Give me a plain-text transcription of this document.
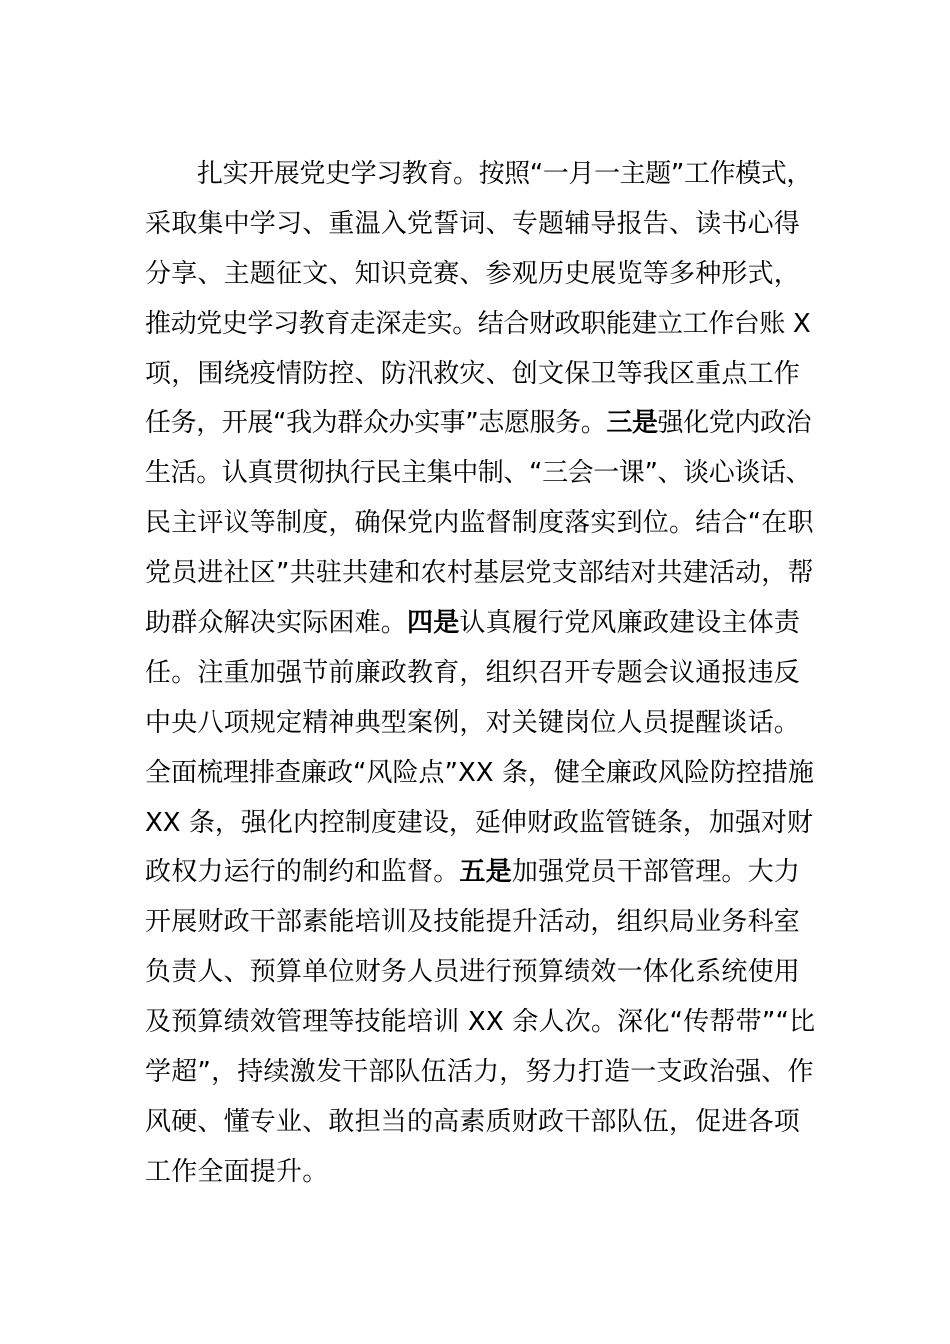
扎实开展党史学习教育。按照“一月一主题”工作模式，
采取集中学习、重温入党誓词、专题辅导报告、读书心得
分享、主题征文、知识竞赛、参观历史展览等多种形式，
推动党史学习教育走深走实。结合财政职能建立工作台账 X
项，围绕疫情防控、防汛救灾、创文保卫等我区重点工作
任务，开展“我为群众办实事”志愿服务。三是强化党内政治
生活。认真贯彻执行民主集中制、“三会一课”、谈心谈话、
民主评议等制度，确保党内监督制度落实到位。结合“在职
党员进社区”共驻共建和农村基层党支部结对共建活动，帮
助群众解决实际困难。四是认真履行党风廉政建设主体责
任。注重加强节前廉政教育，组织召开专题会议通报违反
中央八项规定精神典型案例，对关键岗位人员提醒谈话。
全面梳理排查廉政“风险点”XX 条，健全廉政风险防控措施
XX 条，强化内控制度建设，延伸财政监管链条，加强对财
政权力运行的制约和监督。五是加强党员干部管理。大力
开展财政干部素能培训及技能提升活动，组织局业务科室
负责人、预算单位财务人员进行预算绩效一体化系统使用
及预算绩效管理等技能培训 XX 余人次。深化“传帮带”“比
学超”，持续激发干部队伍活力，努力打造一支政治强、作
风硬、懂专业、敢担当的高素质财政干部队伍，促进各项
工作全面提升。
